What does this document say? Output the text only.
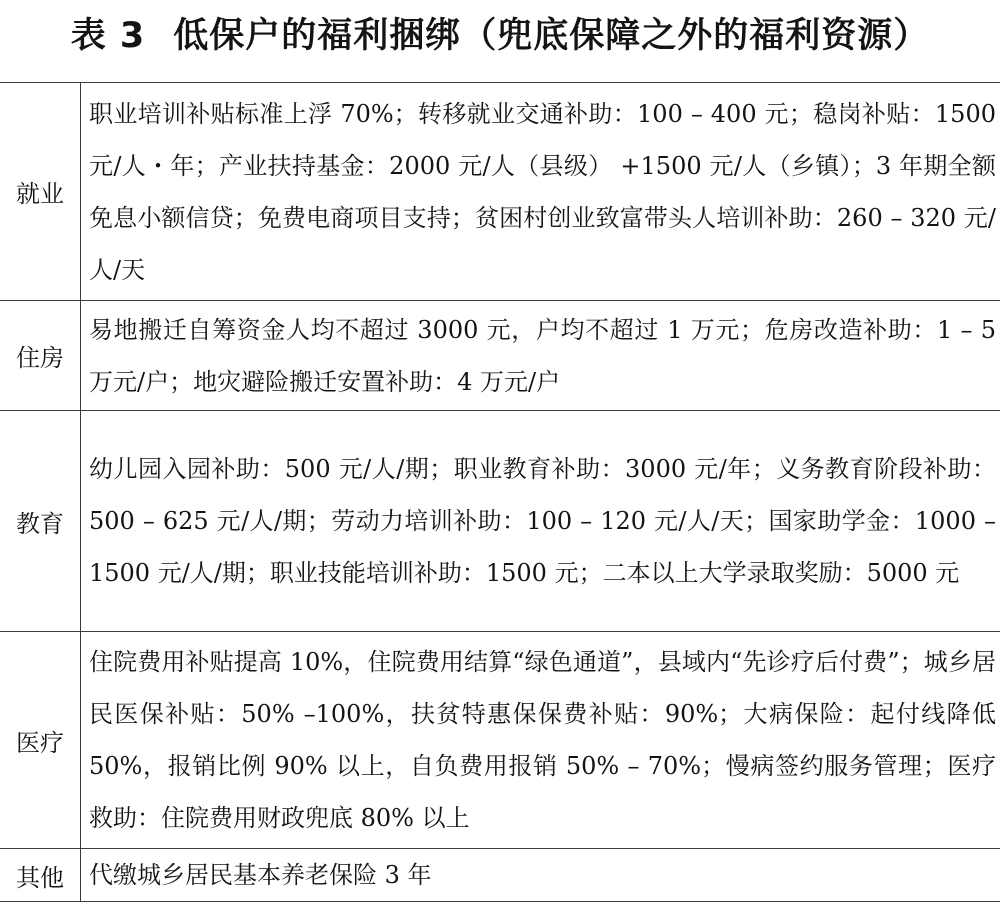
表 3 低保户的福利捆绑（兜底保障之外的福利资源）
就业	职业培训补贴标准上浮 70%；转移就业交通补助：100 – 400 元；稳岗补贴：1500 元/人・年；产业扶持基金：2000 元/人（县级） +1500 元/人（乡镇）；3 年期全额免息小额信贷；免费电商项目支持；贫困村创业致富带头人培训补助：260 – 320 元/人/天
住房	易地搬迁自筹资金人均不超过 3000 元，户均不超过 1 万元；危房改造补助：1 – 5 万元/户；地灾避险搬迁安置补助：4 万元/户
教育	幼儿园入园补助：500 元/人/期；职业教育补助：3000 元/年；义务教育阶段补助：500 – 625 元/人/期；劳动力培训补助：100 – 120 元/人/天；国家助学金：1000 – 1500 元/人/期；职业技能培训补助：1500 元；二本以上大学录取奖励：5000 元
医疗	住院费用补贴提高 10%，住院费用结算“绿色通道”，县域内“先诊疗后付费”；城乡居民医保补贴：50% –100%，扶贫特惠保保费补贴：90%；大病保险：起付线降低 50%，报销比例 90% 以上，自负费用报销 50% – 70%；慢病签约服务管理；医疗救助：住院费用财政兜底 80% 以上
其他	代缴城乡居民基本养老保险 3 年
